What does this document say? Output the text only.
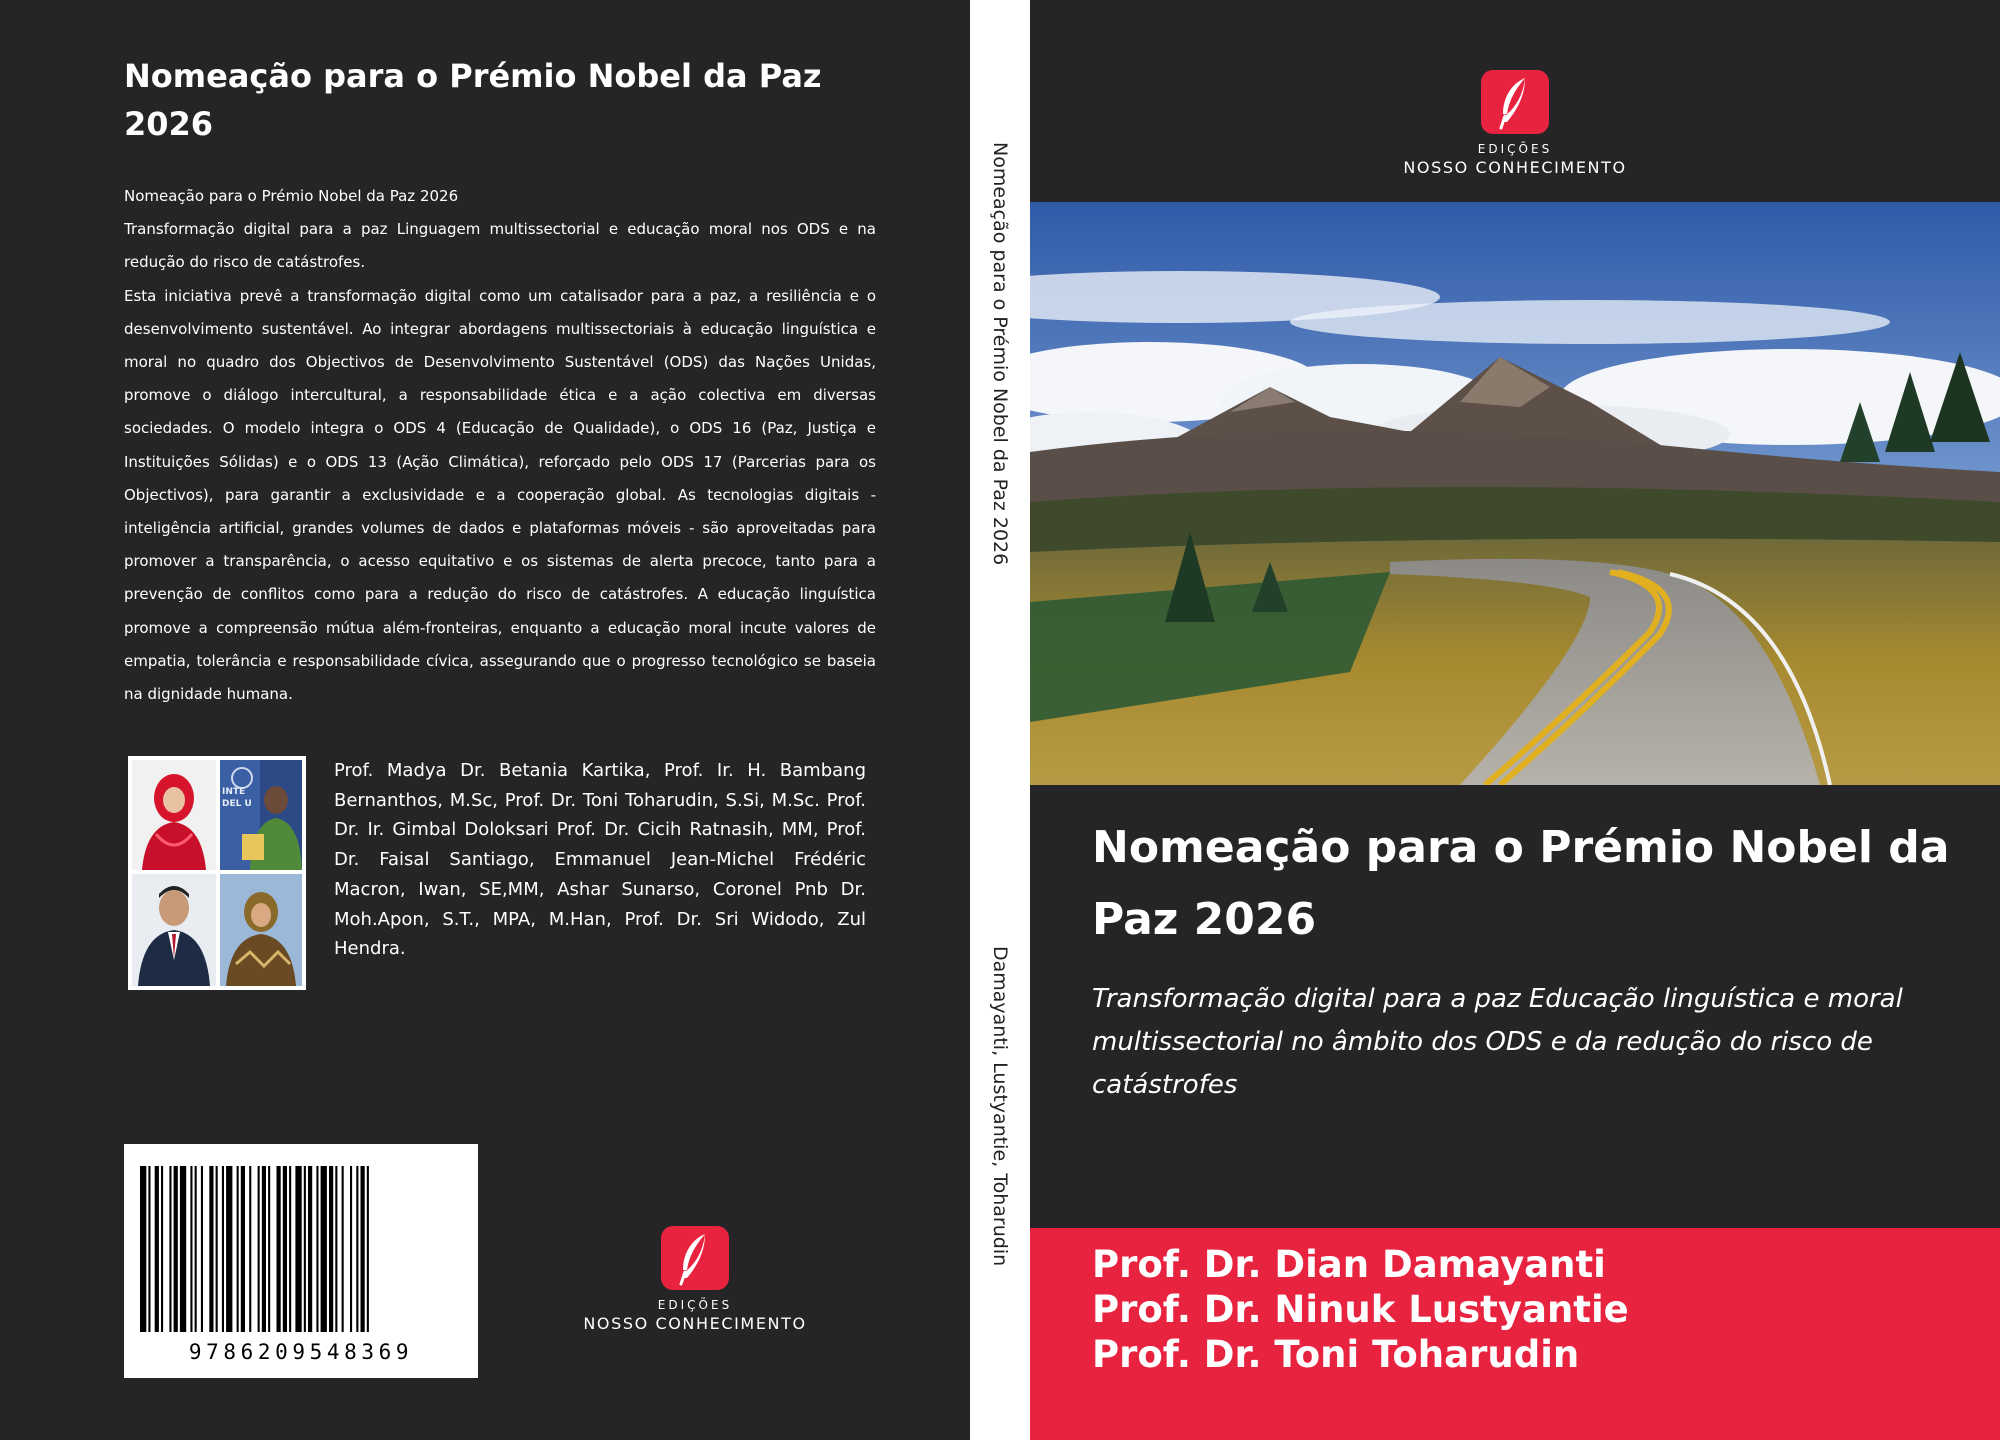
Nomeação para o Prémio Nobel da Paz 2026

Nomeação para o Prémio Nobel da Paz 2026

Transformação digital para a paz Linguagem multissectorial e educação moral nos ODS e na redução do risco de catástrofes.

Esta iniciativa prevê a transformação digital como um catalisador para a paz, a resiliência e o desenvolvimento sustentável. Ao integrar abordagens multissectoriais à educação linguística e moral no quadro dos Objectivos de Desenvolvimento Sustentável (ODS) das Nações Unidas, promove o diálogo intercultural, a responsabilidade ética e a ação colectiva em diversas sociedades. O modelo integra o ODS 4 (Educação de Qualidade), o ODS 16 (Paz, Justiça e Instituições Sólidas) e o ODS 13 (Ação Climática), reforçado pelo ODS 17 (Parcerias para os Objectivos), para garantir a exclusividade e a cooperação global. As tecnologias digitais - inteligência artificial, grandes volumes de dados e plataformas móveis - são aproveitadas para promover a transparência, o acesso equitativo e os sistemas de alerta precoce, tanto para a prevenção de conflitos como para a redução do risco de catástrofes. A educação linguística promove a compreensão mútua além-fronteiras, enquanto a educação moral incute valores de empatia, tolerância e responsabilidade cívica, assegurando que o progresso tecnológico se baseia na dignidade humana.

INTE DEL U
Prof. Madya Dr. Betania Kartika, Prof. Ir. H. Bambang Bernanthos, M.Sc, Prof. Dr. Toni Toharudin, S.Si, M.Sc. Prof. Dr. Ir. Gimbal Doloksari Prof. Dr. Cicih Ratnasih, MM, Prof. Dr. Faisal Santiago, Emmanuel Jean-Michel Frédéric Macron, Iwan, SE,MM, Ashar Sunarso, Coronel Pnb Dr. Moh.Apon, S.T., MPA, M.Han, Prof. Dr. Sri Widodo, Zul Hendra.
9786209548369
EDIÇÕES
NOSSO CONHECIMENTO
Nomeação para o Prémio Nobel da Paz 2026
Damayanti, Lustyantie, Toharudin
EDIÇÕES
NOSSO CONHECIMENTO
Nomeação para o Prémio Nobel da Paz 2026

Transformação digital para a paz Educação linguística e moral multissectorial no âmbito dos ODS e da redução do risco de catástrofes

Prof. Dr. Dian Damayanti
Prof. Dr. Ninuk Lustyantie
Prof. Dr. Toni Toharudin
